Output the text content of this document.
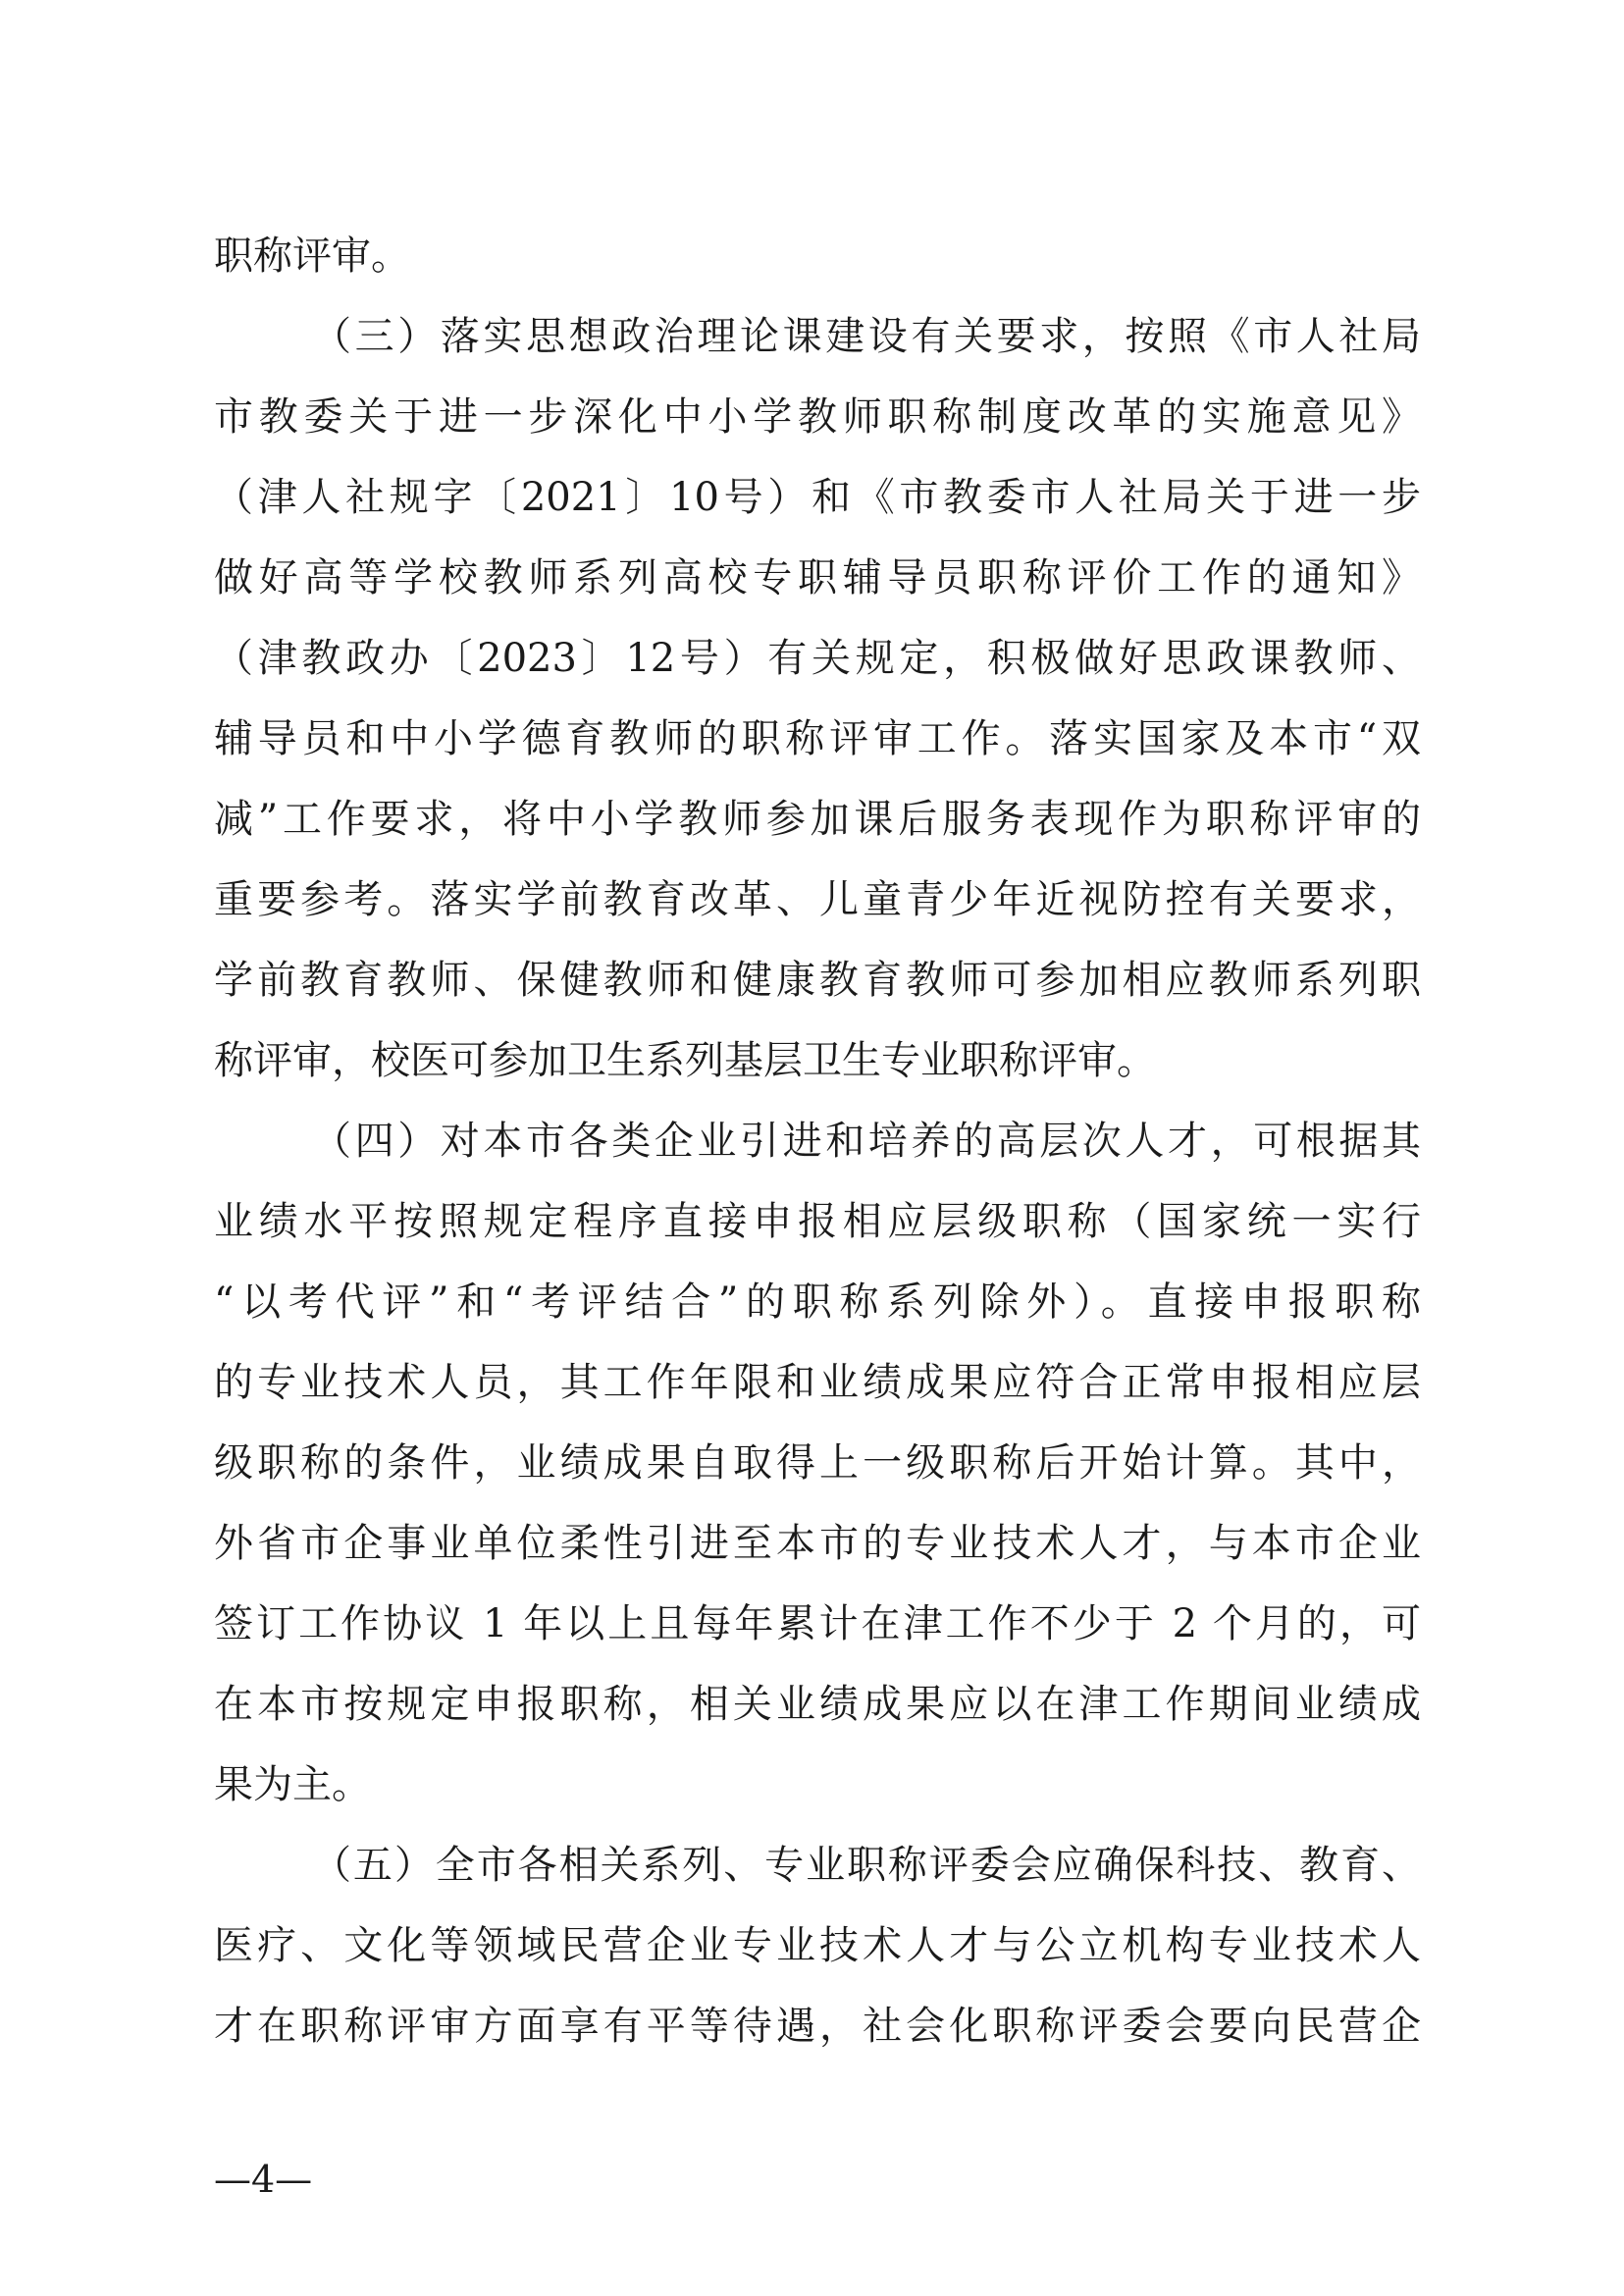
职称评审。
（三）落实思想政治理论课建设有关要求，按照《市人社局
市教委关于进一步深化中小学教师职称制度改革的实施意见》
（津人社规字〔2021〕10号）和《市教委市人社局关于进一步
做好高等学校教师系列高校专职辅导员职称评价工作的通知》
（津教政办〔2023〕12号）有关规定，积极做好思政课教师、
辅导员和中小学德育教师的职称评审工作。落实国家及本市“双
减”工作要求，将中小学教师参加课后服务表现作为职称评审的
重要参考。落实学前教育改革、儿童青少年近视防控有关要求，
学前教育教师、保健教师和健康教育教师可参加相应教师系列职
称评审，校医可参加卫生系列基层卫生专业职称评审。
（四）对本市各类企业引进和培养的高层次人才，可根据其
业绩水平按照规定程序直接申报相应层级职称（国家统一实行
“以考代评”和“考评结合”的职称系列除外）。直接申报职称
的专业技术人员，其工作年限和业绩成果应符合正常申报相应层
级职称的条件，业绩成果自取得上一级职称后开始计算。其中，
外省市企事业单位柔性引进至本市的专业技术人才，与本市企业
签订工作协议 1 年以上且每年累计在津工作不少于 2 个月的，可
在本市按规定申报职称，相关业绩成果应以在津工作期间业绩成
果为主。
（五）全市各相关系列、专业职称评委会应确保科技、教育、
医疗、文化等领域民营企业专业技术人才与公立机构专业技术人
才在职称评审方面享有平等待遇，社会化职称评委会要向民营企
—4—
